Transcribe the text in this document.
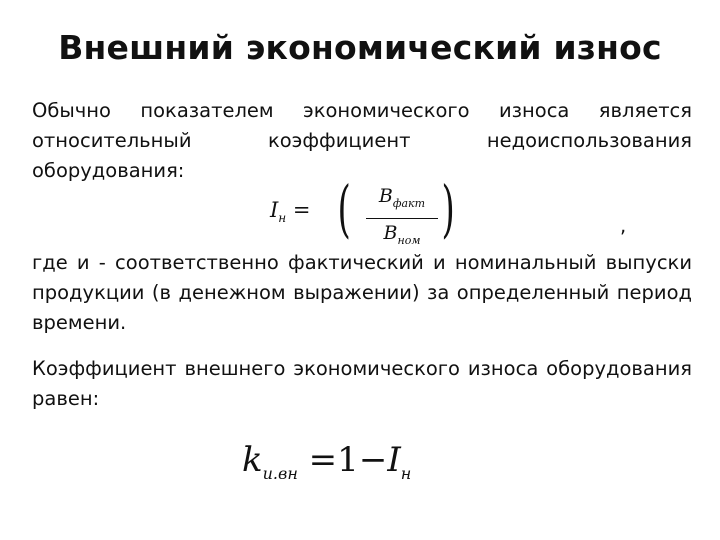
Внешний экономический износ
Обычно показателем экономического износа является относительный коэффициент недоиспользования оборудования:
$I_н$ = (	$B_{факт}$
$B_{ном}$ )	,
где и - соответственно фактический и номинальный выпуски продукции (в денежном выражении) за определенный период времени.
Коэффициент внешнего экономического износа оборудования равен:
$k_{и.вн} =1-I_н$
